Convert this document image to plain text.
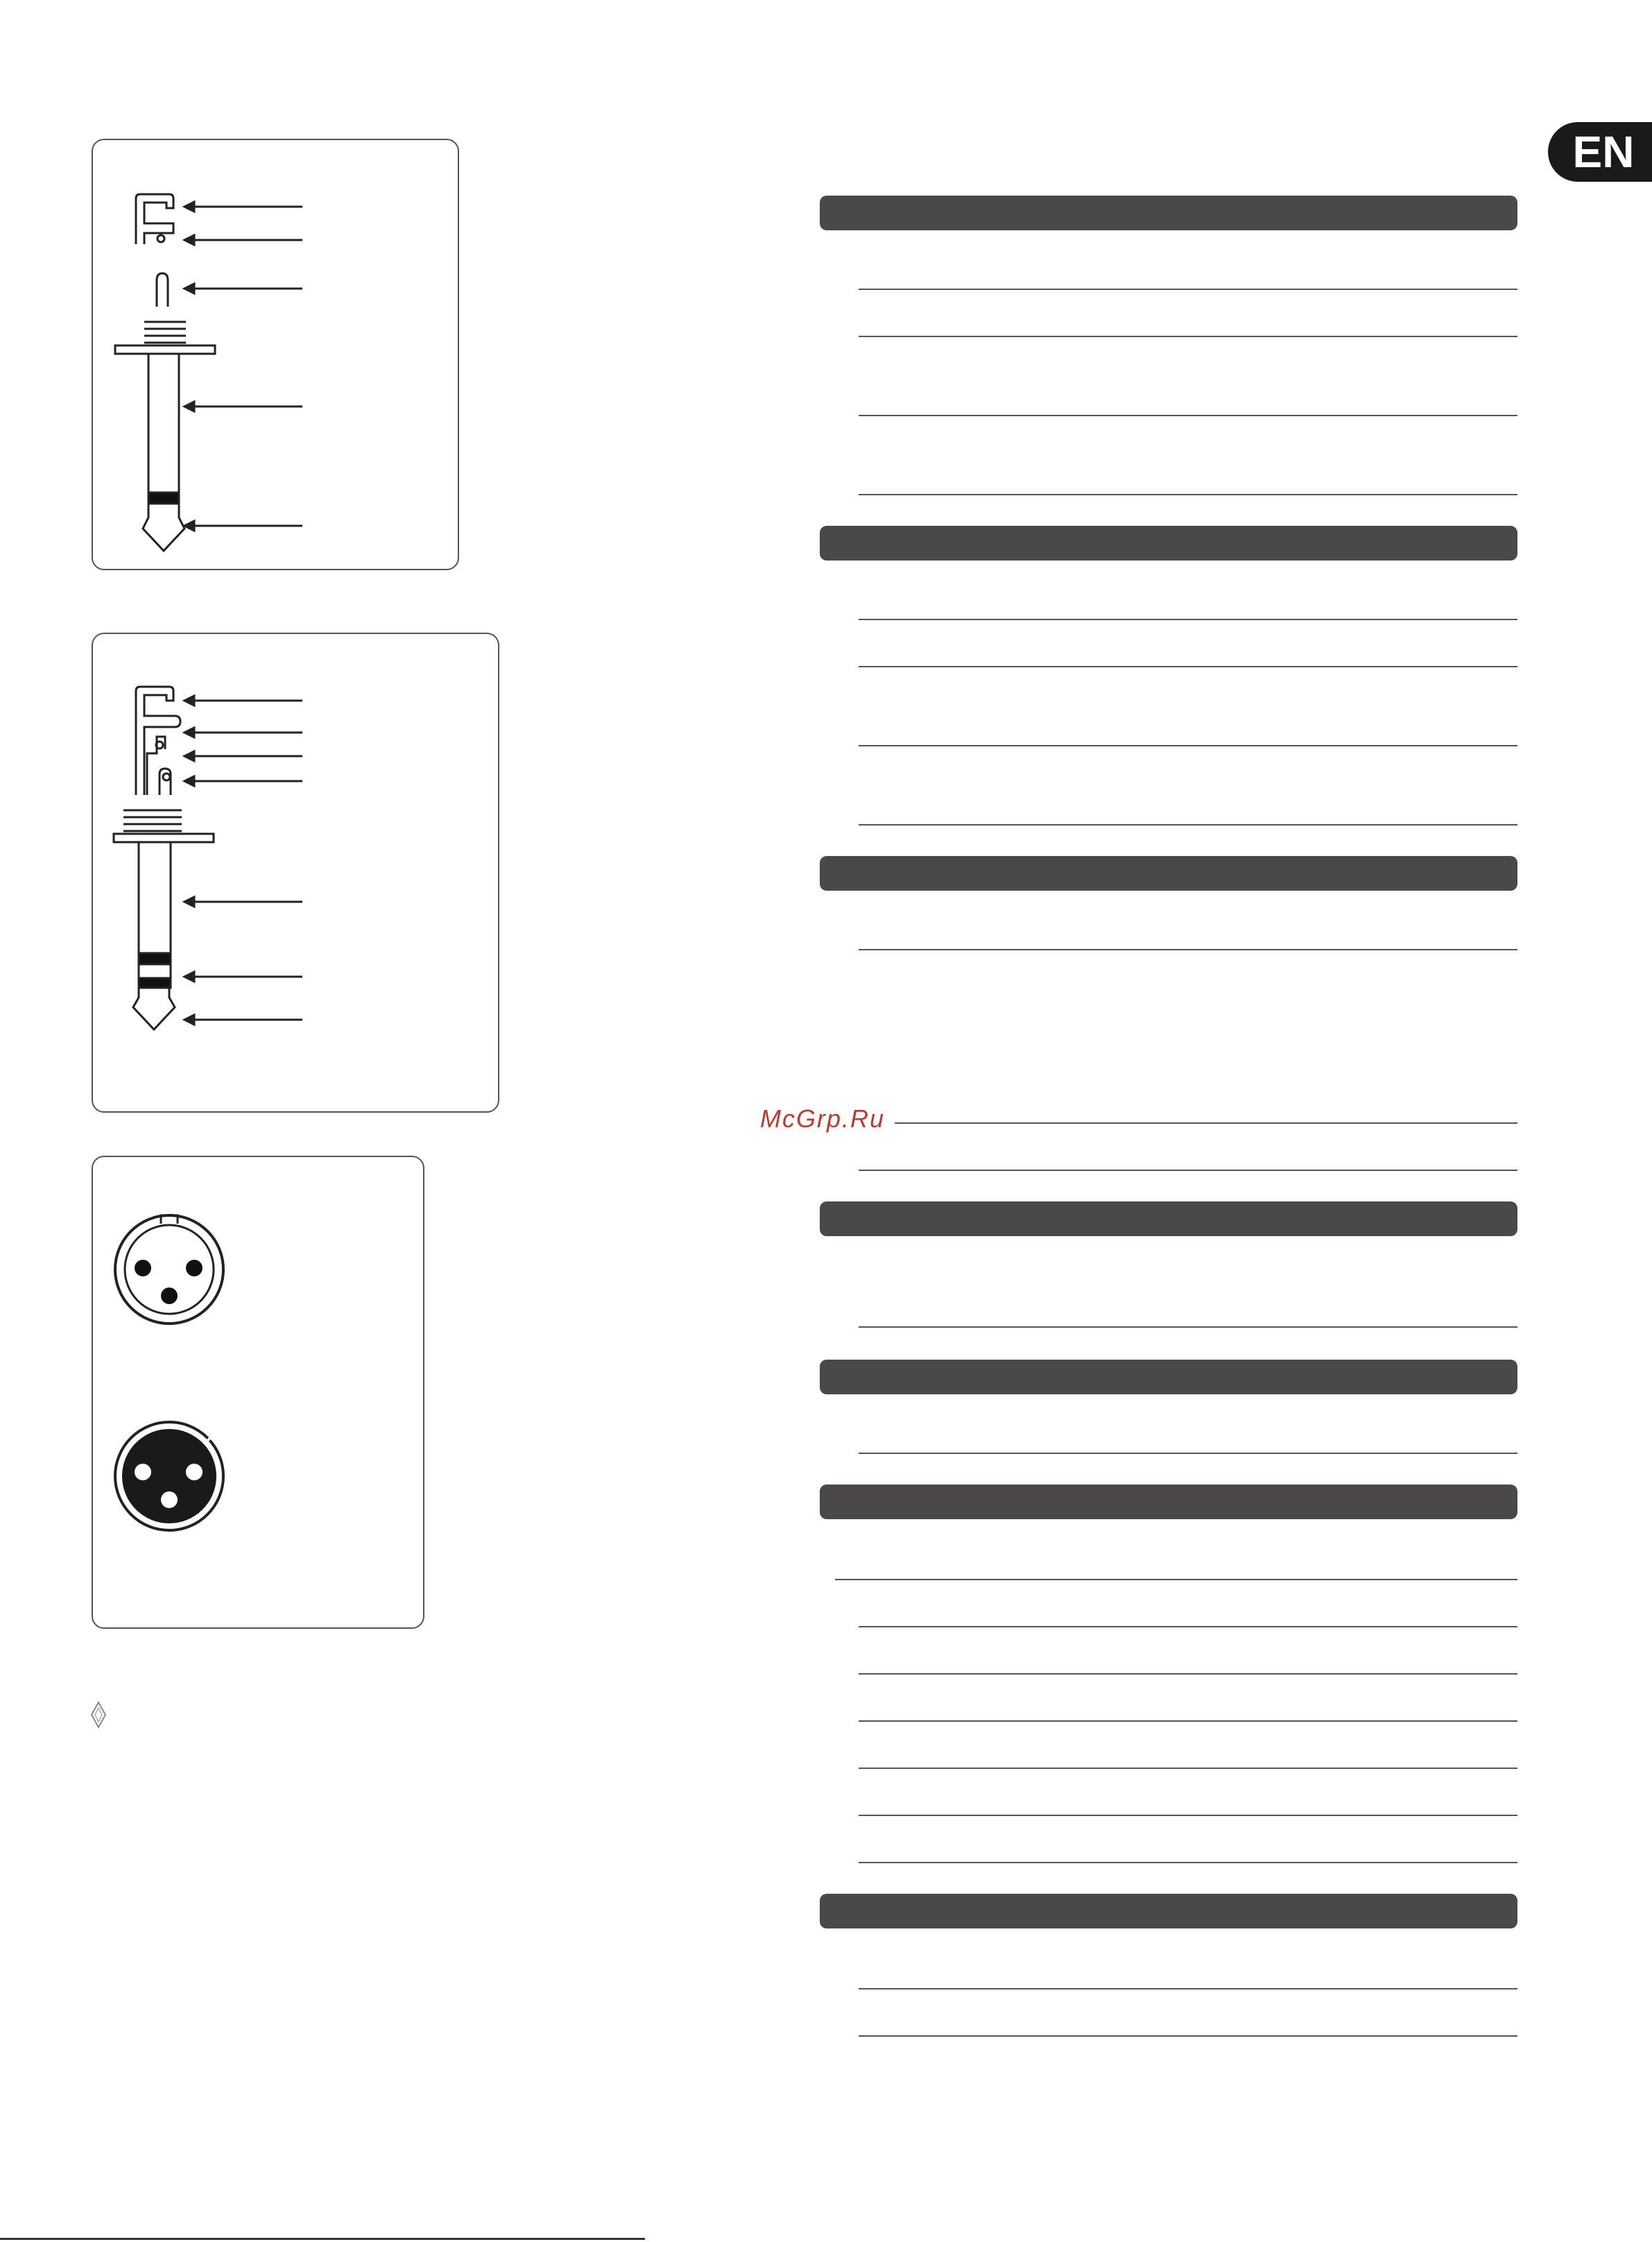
EN
McGrp.Ru
